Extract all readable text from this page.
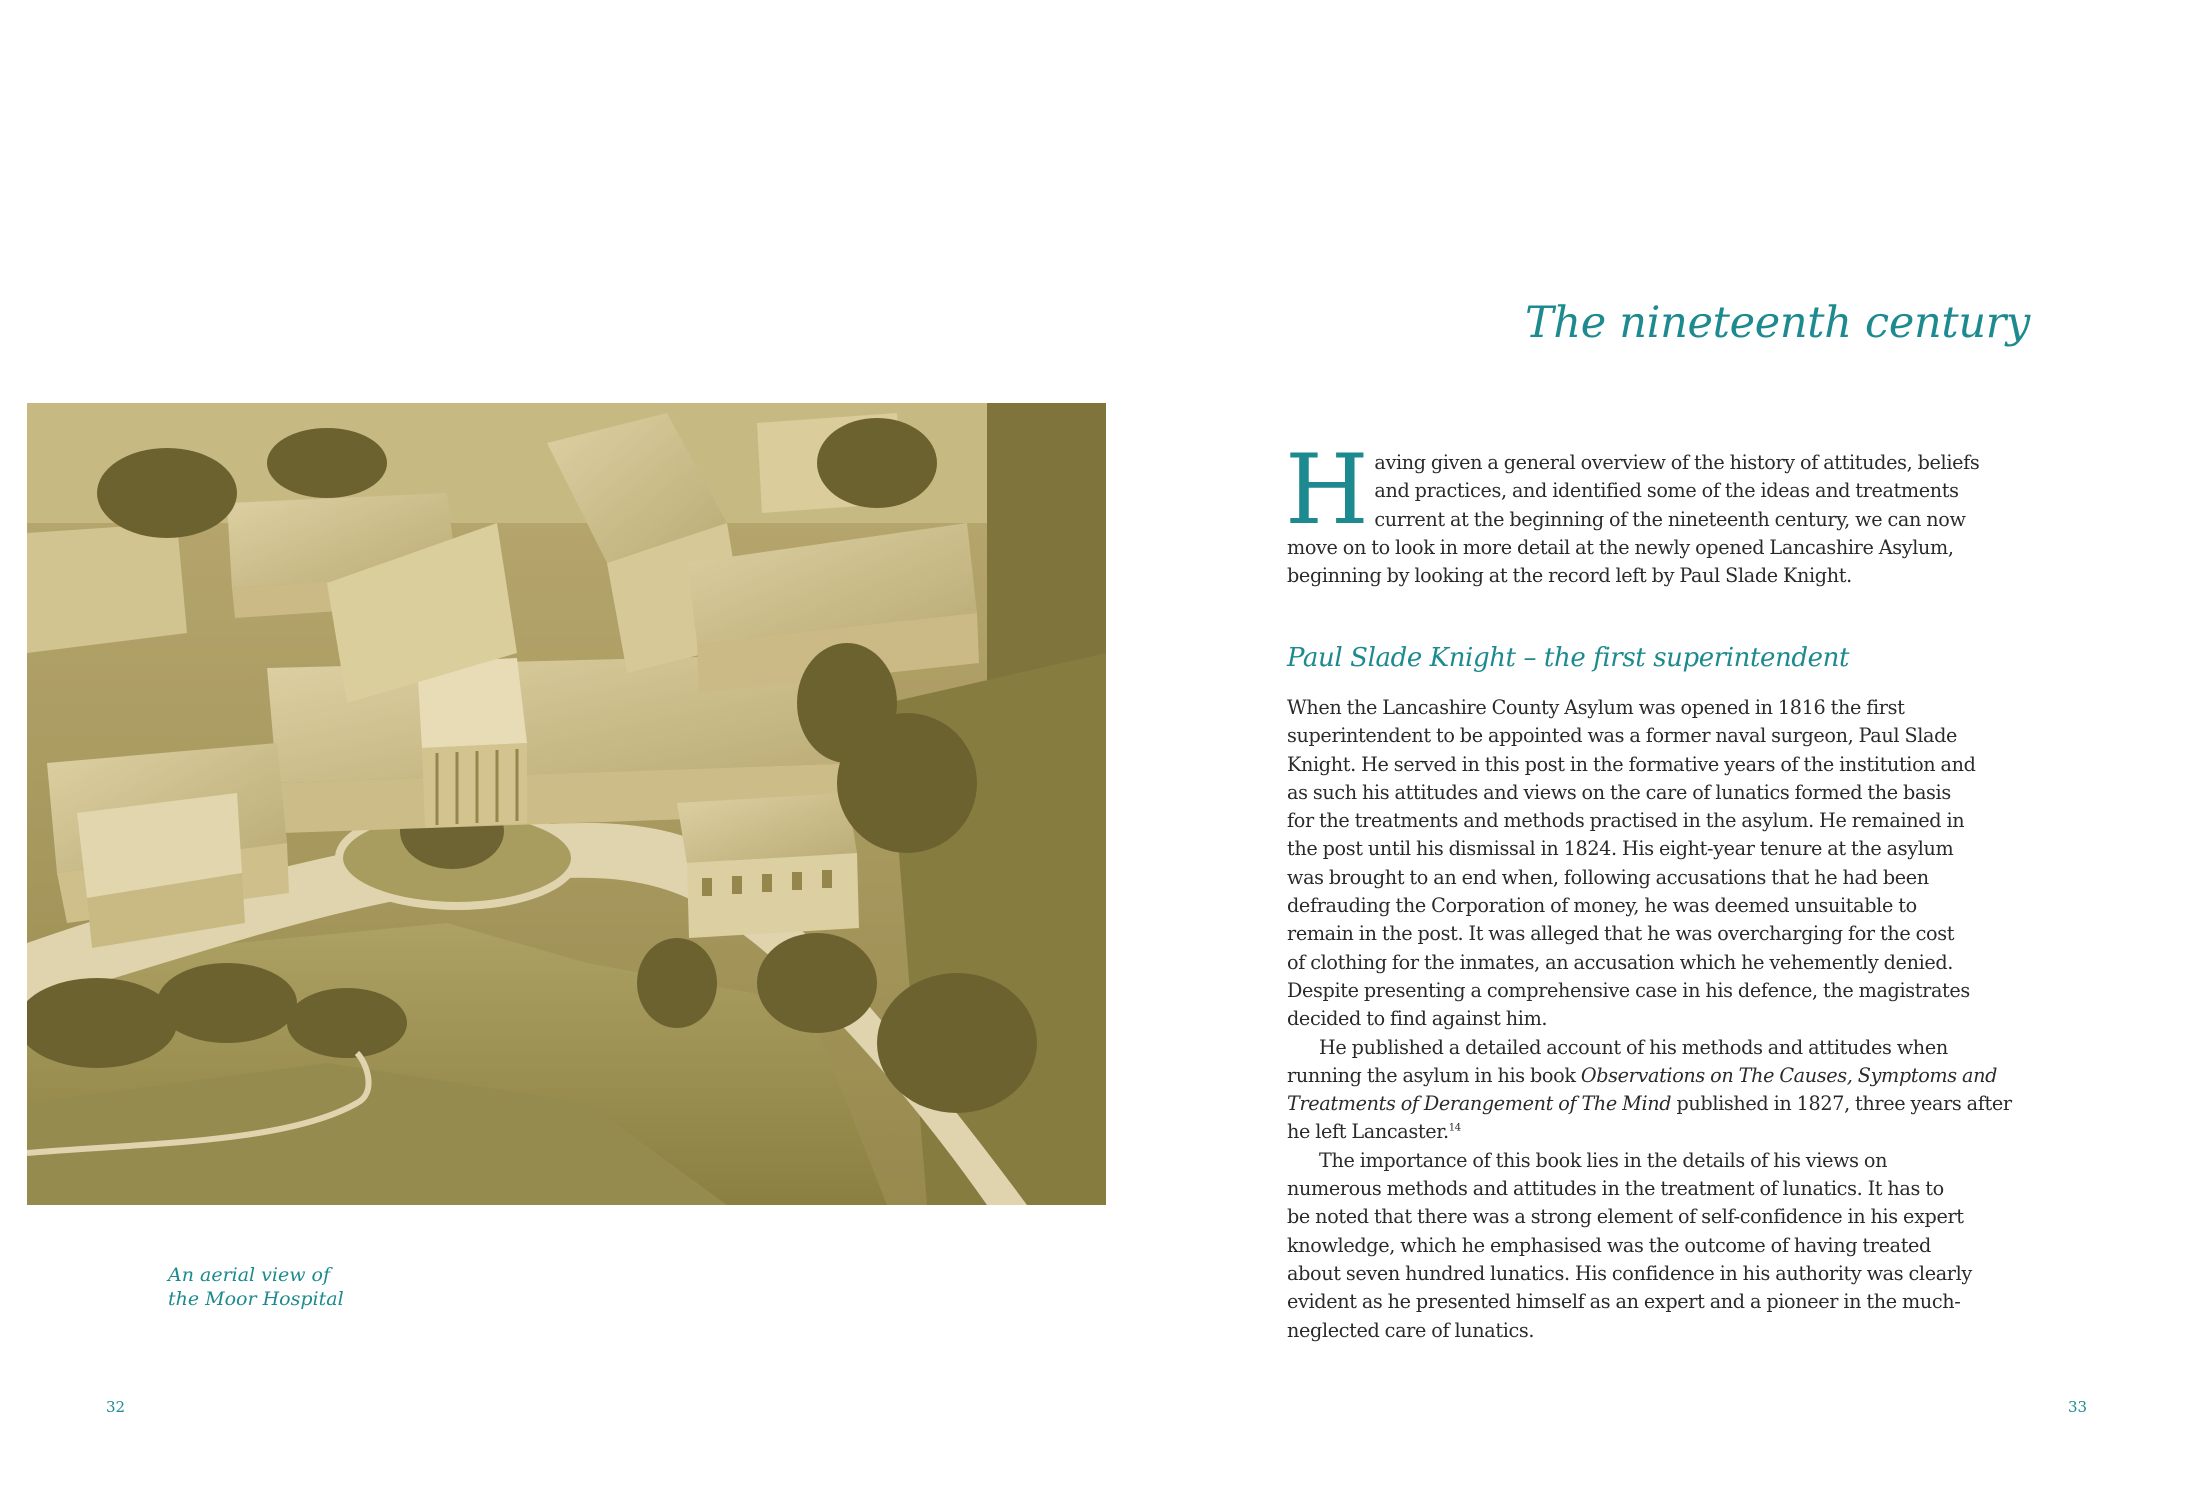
An aerial view of
the Moor Hospital
32
The nineteenth century
H aving given a general overview of the history of attitudes, beliefs
and practices, and identified some of the ideas and treatments
current at the beginning of the nineteenth century, we can now
move on to look in more detail at the newly opened Lancashire Asylum,
beginning by looking at the record left by Paul Slade Knight.
Paul Slade Knight – the first superintendent
When the Lancashire County Asylum was opened in 1816 the first
superintendent to be appointed was a former naval surgeon, Paul Slade
Knight. He served in this post in the formative years of the institution and
as such his attitudes and views on the care of lunatics formed the basis
for the treatments and methods practised in the asylum. He remained in
the post until his dismissal in 1824. His eight-year tenure at the asylum
was brought to an end when, following accusations that he had been
defrauding the Corporation of money, he was deemed unsuitable to
remain in the post. It was alleged that he was overcharging for the cost
of clothing for the inmates, an accusation which he vehemently denied.
Despite presenting a comprehensive case in his defence, the magistrates
decided to find against him.
He published a detailed account of his methods and attitudes when
running the asylum in his book Observations on The Causes, Symptoms and
Treatments of Derangement of The Mind published in 1827, three years after
he left Lancaster.$^{14}$
The importance of this book lies in the details of his views on
numerous methods and attitudes in the treatment of lunatics. It has to
be noted that there was a strong element of self-confidence in his expert
knowledge, which he emphasised was the outcome of having treated
about seven hundred lunatics. His confidence in his authority was clearly
evident as he presented himself as an expert and a pioneer in the much-
neglected care of lunatics.
33
